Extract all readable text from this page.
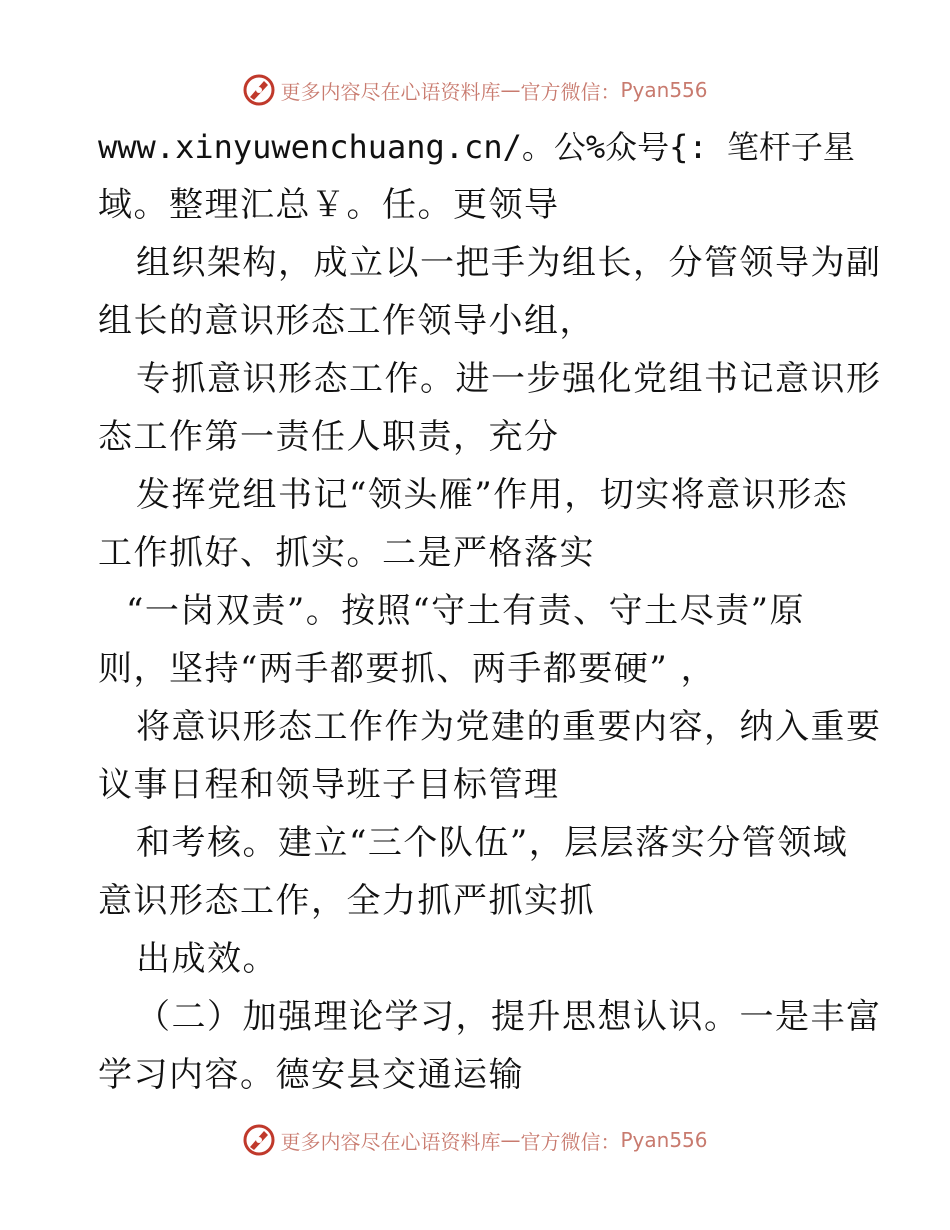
更多内容尽在心语资料库 — 官方微信： Pyan556
www.xinyuwenchuang.cn/。公%众号{: 笔杆子星
域。整理汇总￥。任。更领导
组织架构，成立以一把手为组长，分管领导为副
组长的意识形态工作领导小组，
专抓意识形态工作。进一步强化党组书记意识形
态工作第一责任人职责，充分
发挥党组书记“领头雁”作用，切实将意识形态
工作抓好、抓实。二是严格落实
“一岗双责”。按照“守土有责、守土尽责”原
则，坚持“两手都要抓、两手都要硬” ，
将意识形态工作作为党建的重要内容，纳入重要
议事日程和领导班子目标管理
和考核。建立“三个队伍”，层层落实分管领域
意识形态工作，全力抓严抓实抓
出成效。
（二）加强理论学习，提升思想认识。一是丰富
学习内容。德安县交通运输
更多内容尽在心语资料库 — 官方微信： Pyan556
